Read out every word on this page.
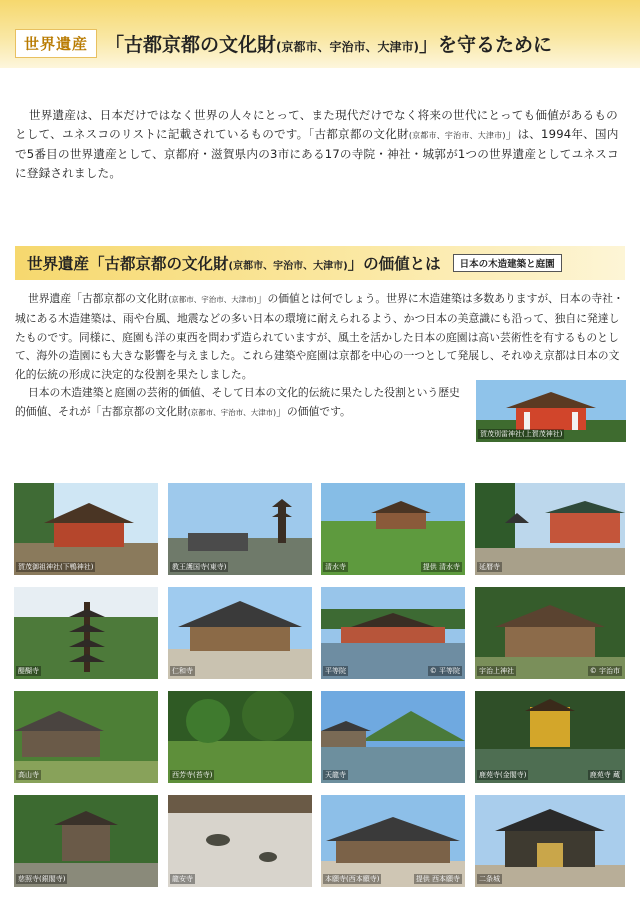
世界遺産 「古都京都の文化財(京都市、宇治市、大津市)」を守るために
世界遺産は、日本だけではなく世界の人々にとって、また現代だけでなく将来の世代にとっても価値があるものとして、ユネスコのリストに記載されているものです。「古都京都の文化財(京都市、宇治市、大津市)」は、1994年、国内で5番目の世界遺産として、京都府・滋賀県内の3市にある17の寺院・神社・城郭が1つの世界遺産としてユネスコに登録されました。
世界遺産「古都京都の文化財(京都市、宇治市、大津市)」の価値とは	日本の木造建築と庭園
世界遺産「古都京都の文化財(京都市、宇治市、大津市)」の価値とは何でしょう。世界に木造建築は多数ありますが、日本の寺社・城にある木造建築は、雨や台風、地震などの多い日本の環境に耐えられるよう、かつ日本の美意識にも沿って、独自に発達したものです。同様に、庭園も洋の東西を問わず造られていますが、風土を活かした日本の庭園は高い芸術性を有するものとして、海外の造園にも大きな影響を与えました。これら建築や庭園は京都を中心の一つとして発展し、それゆえ京都は日本の文化的伝統の形成に決定的な役割を果たしました。
日本の木造建築と庭園の芸術的価値、そして日本の文化的伝統に果たした役割という歴史的価値、それが「古都京都の文化財(京都市、宇治市、大津市)」の価値です。
賀茂別雷神社(上賀茂神社)
賀茂御祖神社(下鴨神社)	教王護国寺(東寺)	清水寺	提供 清水寺	延暦寺
醍醐寺	仁和寺	平等院	© 平等院	宇治上神社	© 宇治市
高山寺	西芳寺(苔寺)	天龍寺	鹿苑寺(金閣寺)	鹿苑寺 蔵
慈照寺(銀閣寺)	龍安寺	本願寺(西本願寺)	提供 西本願寺	二条城
